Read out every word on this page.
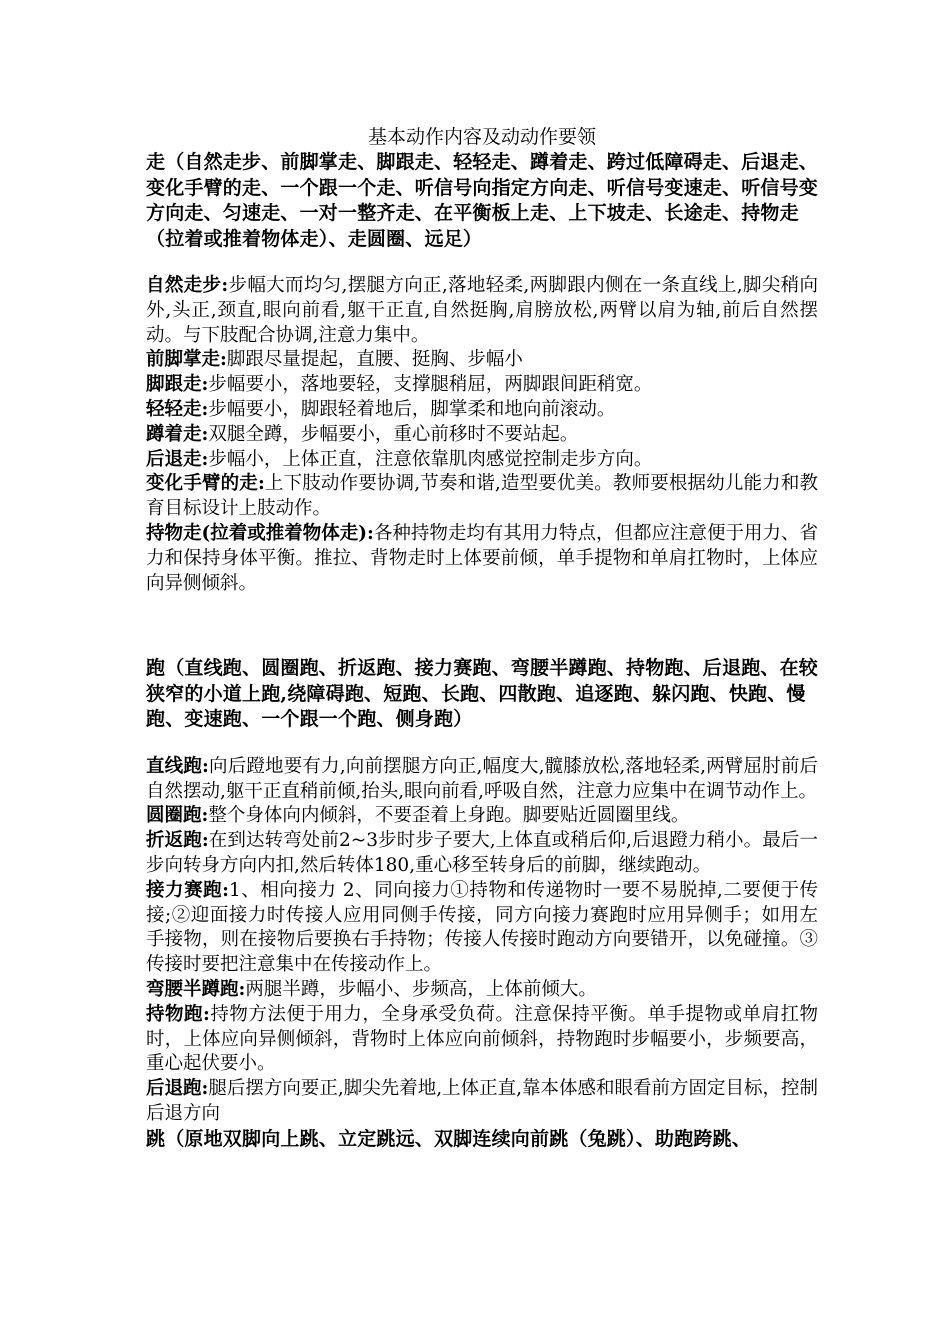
基本动作内容及动动作要领

走（自然走步、前脚掌走、脚跟走、轻轻走、蹲着走、跨过低障碍走、后退走、变化手臂的走、一个跟一个走、听信号向指定方向走、听信号变速走、听信号变方向走、匀速走、一对一整齐走、在平衡板上走、上下坡走、长途走、持物走（拉着或推着物体走）、走圆圈、远足）

自然走步:步幅大而均匀,摆腿方向正,落地轻柔,两脚跟内侧在一条直线上,脚尖稍向外,头正,颈直,眼向前看,躯干正直,自然挺胸,肩膀放松,两臂以肩为轴,前后自然摆动。与下肢配合协调,注意力集中。

前脚掌走:脚跟尽量提起，直腰、挺胸、步幅小

脚跟走:步幅要小，落地要轻，支撑腿稍屈，两脚跟间距稍宽。

轻轻走:步幅要小，脚跟轻着地后，脚掌柔和地向前滚动。

蹲着走:双腿全蹲，步幅要小，重心前移时不要站起。

后退走:步幅小，上体正直，注意依靠肌肉感觉控制走步方向。

变化手臂的走:上下肢动作要协调,节奏和谐,造型要优美。教师要根据幼儿能力和教育目标设计上肢动作。

持物走(拉着或推着物体走):各种持物走均有其用力特点，但都应注意便于用力、省力和保持身体平衡。推拉、背物走时上体要前倾，单手提物和单肩扛物时，上体应向异侧倾斜。

跑（直线跑、圆圈跑、折返跑、接力赛跑、弯腰半蹲跑、持物跑、后退跑、在较狭窄的小道上跑,绕障碍跑、短跑、长跑、四散跑、追逐跑、躲闪跑、快跑、慢跑、变速跑、一个跟一个跑、侧身跑）

直线跑:向后蹬地要有力,向前摆腿方向正,幅度大,髋膝放松,落地轻柔,两臂屈肘前后自然摆动,躯干正直稍前倾,抬头,眼向前看,呼吸自然，注意力应集中在调节动作上。

圆圈跑:整个身体向内倾斜，不要歪着上身跑。脚要贴近圆圈里线。

折返跑:在到达转弯处前2~3步时步子要大,上体直或稍后仰,后退蹬力稍小。最后一步向转身方向内扣,然后转体180,重心移至转身后的前脚，继续跑动。

接力赛跑:1、相向接力 2、同向接力①持物和传递物时一要不易脱掉,二要便于传接;②迎面接力时传接人应用同侧手传接，同方向接力赛跑时应用异侧手；如用左手接物，则在接物后要换右手持物；传接人传接时跑动方向要错开，以免碰撞。③传接时要把注意集中在传接动作上。

弯腰半蹲跑:两腿半蹲，步幅小、步频高，上体前倾大。

持物跑:持物方法便于用力，全身承受负荷。注意保持平衡。单手提物或单肩扛物时，上体应向异侧倾斜，背物时上体应向前倾斜，持物跑时步幅要小，步频要高，重心起伏要小。

后退跑:腿后摆方向要正,脚尖先着地,上体正直,靠本体感和眼看前方固定目标，控制后退方向

跳（原地双脚向上跳、立定跳远、双脚连续向前跳（兔跳）、助跑跨跳、
